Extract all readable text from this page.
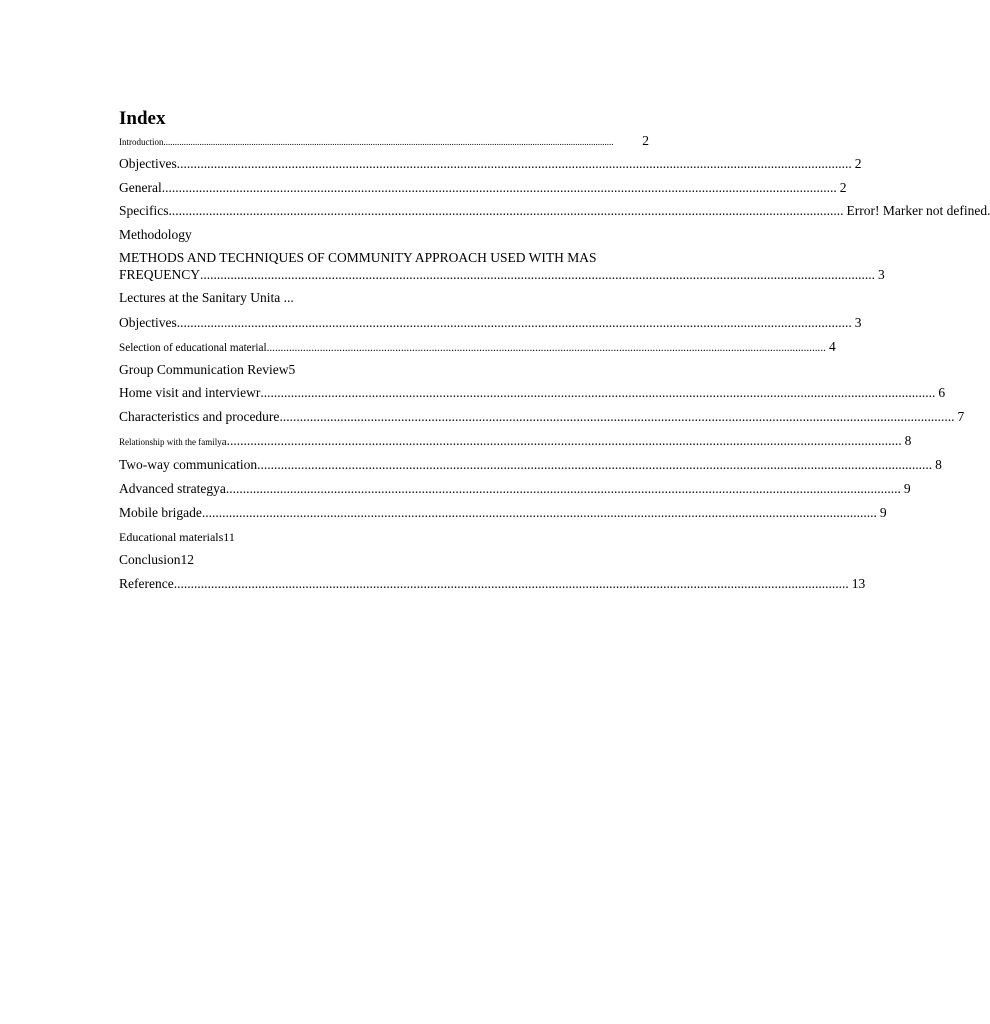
Index
Introduction ........................................................................................................................................................................................................	2
Objectives ........................................................................................................................................................................................................ 2
General ........................................................................................................................................................................................................ 2
Specifics ........................................................................................................................................................................................................ Error! Marker not defined.
Methodology
METHODS AND TECHNIQUES OF COMMUNITY APPROACH USED WITH MAS
FREQUENCY ........................................................................................................................................................................................................ 3
Lectures at the Sanitary Unita ...
Objectives ........................................................................................................................................................................................................ 3
Selection of educational material ........................................................................................................................................................................................................ 4
Group Communication Review5
Home visit and interviewr ........................................................................................................................................................................................................ 6
Characteristics and procedure ........................................................................................................................................................................................................ 7
Relationship with the family a ........................................................................................................................................................................................................ 8
Two-way communication ........................................................................................................................................................................................................ 8
Advanced strategya ........................................................................................................................................................................................................ 9
Mobile brigade ........................................................................................................................................................................................................ 9
Educational materials11
Conclusion12
Reference ........................................................................................................................................................................................................ 13
